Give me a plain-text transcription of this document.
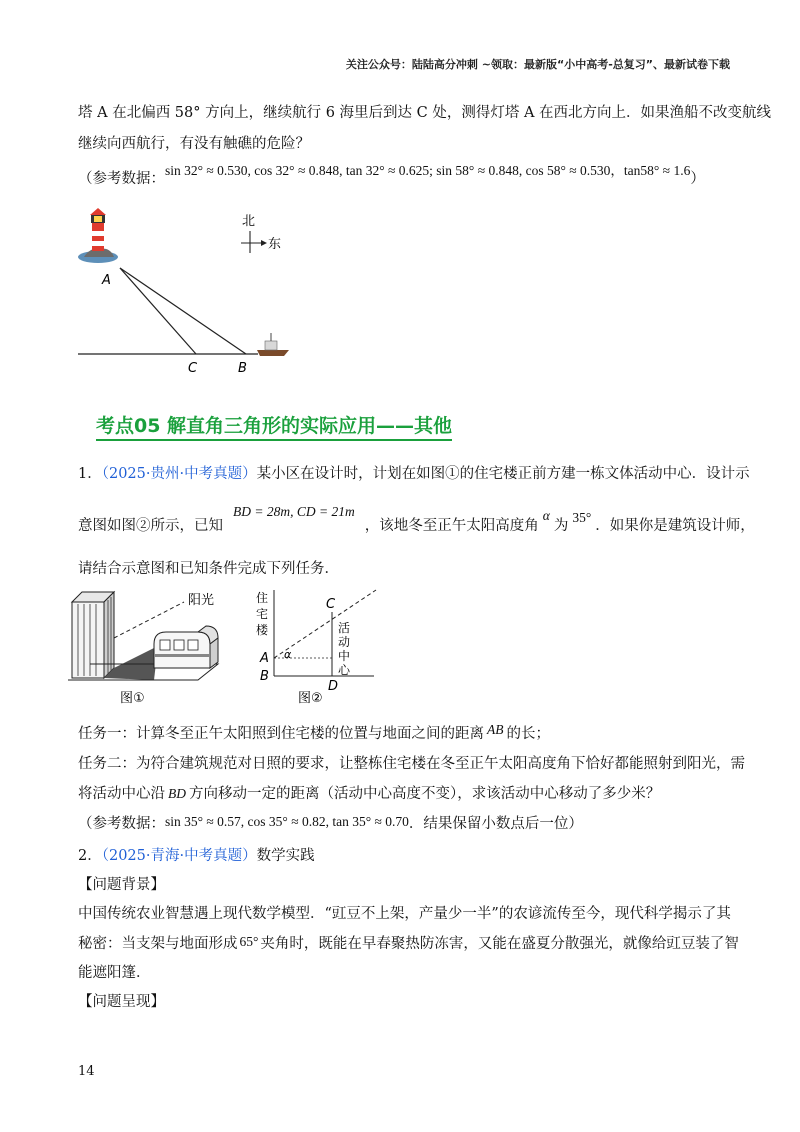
关注公众号：陆陆高分冲刺 ~领取：最新版“小中高考-总复习”、最新试卷下载
塔 A 在北偏西 58° 方向上，继续航行 6 海里后到达 C 处，测得灯塔 A 在西北方向上．如果渔船不改变航线
继续向西航行，有没有触礁的危险？
（参考数据：sin 32° ≈ 0.530, cos 32° ≈ 0.848, tan 32° ≈ 0.625; sin 58° ≈ 0.848, cos 58° ≈ 0.530，tan58° ≈ 1.6）
A
C	B
北
东
考点05 解直角三角形的实际应用——其他
1．（2025·贵州·中考真题）某小区在设计时，计划在如图①的住宅楼正前方建一栋文体活动中心．设计示
意图如图②所示，已知BD = 28m, CD = 21m，该地冬至正午太阳高度角α为35°．如果你是建筑设计师，
请结合示意图和已知条件完成下列任务．
阳光
图①
住
宅
楼	活
动
中
心
C
A
B
D
α
图②
任务一：计算冬至正午太阳照到住宅楼的位置与地面之间的距离 AB 的长；
任务二：为符合建筑规范对日照的要求，让整栋住宅楼在冬至正午太阳高度角下恰好都能照射到阳光，需
将活动中心沿 BD 方向移动一定的距离（活动中心高度不变），求该活动中心移动了多少米？
（参考数据：sin 35° ≈ 0.57, cos 35° ≈ 0.82, tan 35° ≈ 0.70．结果保留小数点后一位）
2．（2025·青海·中考真题）数学实践
【问题背景】
中国传统农业智慧遇上现代数学模型．“豇豆不上架，产量少一半”的农谚流传至今，现代科学揭示了其
秘密：当支架与地面形成 65° 夹角时，既能在早春聚热防冻害，又能在盛夏分散强光，就像给豇豆装了智
能遮阳篷．
【问题呈现】
14
